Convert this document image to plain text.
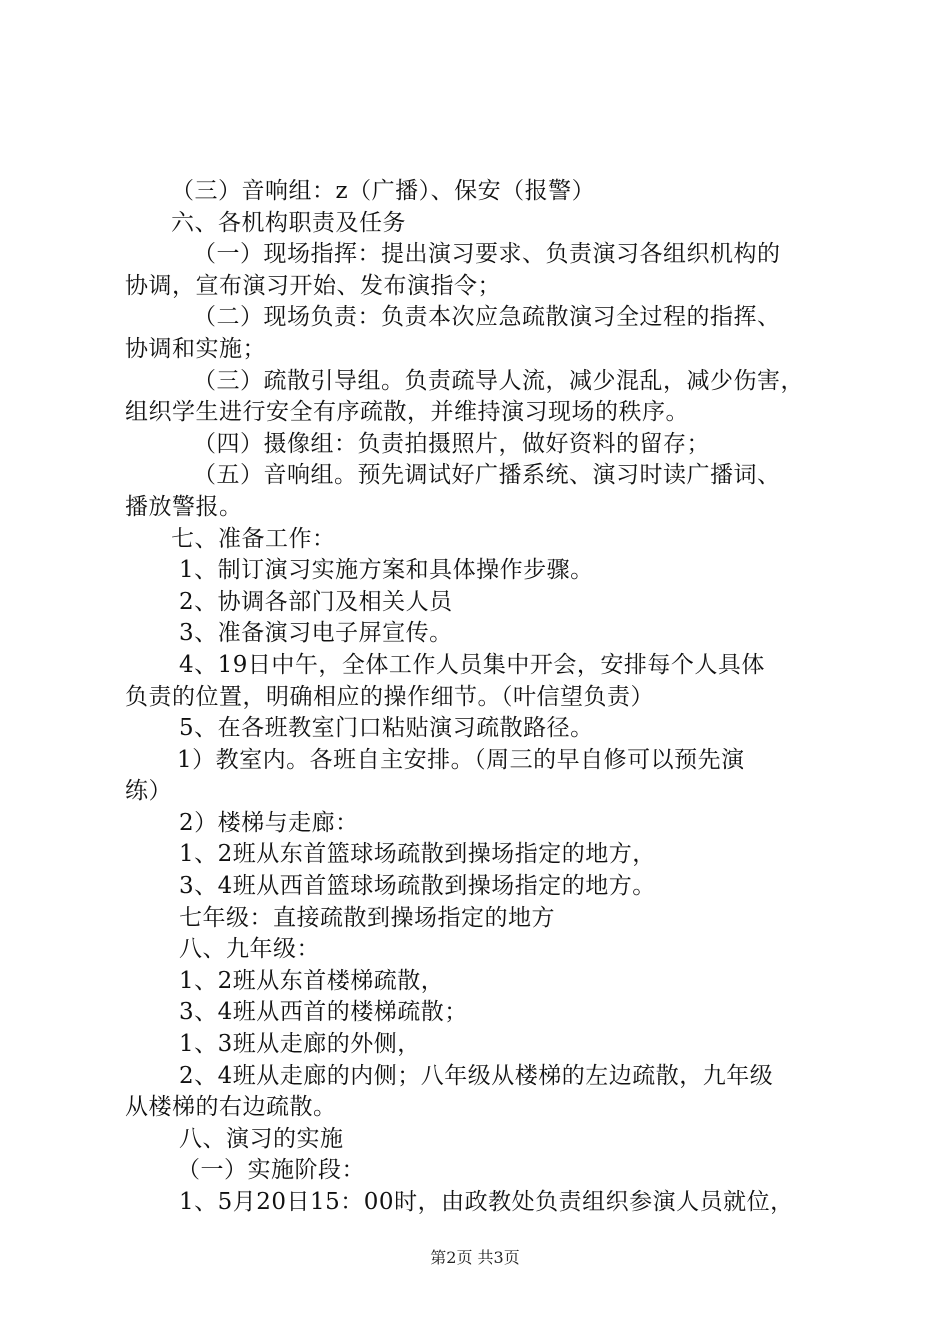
（三）音响组：z（广播）、保安（报警）
六、各机构职责及任务
（一）现场指挥：提出演习要求、负责演习各组织机构的
协调，宣布演习开始、发布演指令；
（二）现场负责：负责本次应急疏散演习全过程的指挥、
协调和实施；
（三）疏散引导组。负责疏导人流，减少混乱，减少伤害，
组织学生进行安全有序疏散，并维持演习现场的秩序。
（四）摄像组：负责拍摄照片，做好资料的留存；
（五）音响组。预先调试好广播系统、演习时读广播词、
播放警报。
七、准备工作：
1、制订演习实施方案和具体操作步骤。
2、协调各部门及相关人员
3、准备演习电子屏宣传。
4、19日中午，全体工作人员集中开会，安排每个人具体
负责的位置，明确相应的操作细节。（叶信望负责）
5、在各班教室门口粘贴演习疏散路径。
1）教室内。各班自主安排。（周三的早自修可以预先演
练）
2）楼梯与走廊：
1、2班从东首篮球场疏散到操场指定的地方，
3、4班从西首篮球场疏散到操场指定的地方。
七年级：直接疏散到操场指定的地方
八、九年级：
1、2班从东首楼梯疏散，
3、4班从西首的楼梯疏散；
1、3班从走廊的外侧，
2、4班从走廊的内侧；八年级从楼梯的左边疏散，九年级
从楼梯的右边疏散。
八、演习的实施
（一）实施阶段：
1、5月20日15：00时，由政教处负责组织参演人员就位，
第2页 共3页
